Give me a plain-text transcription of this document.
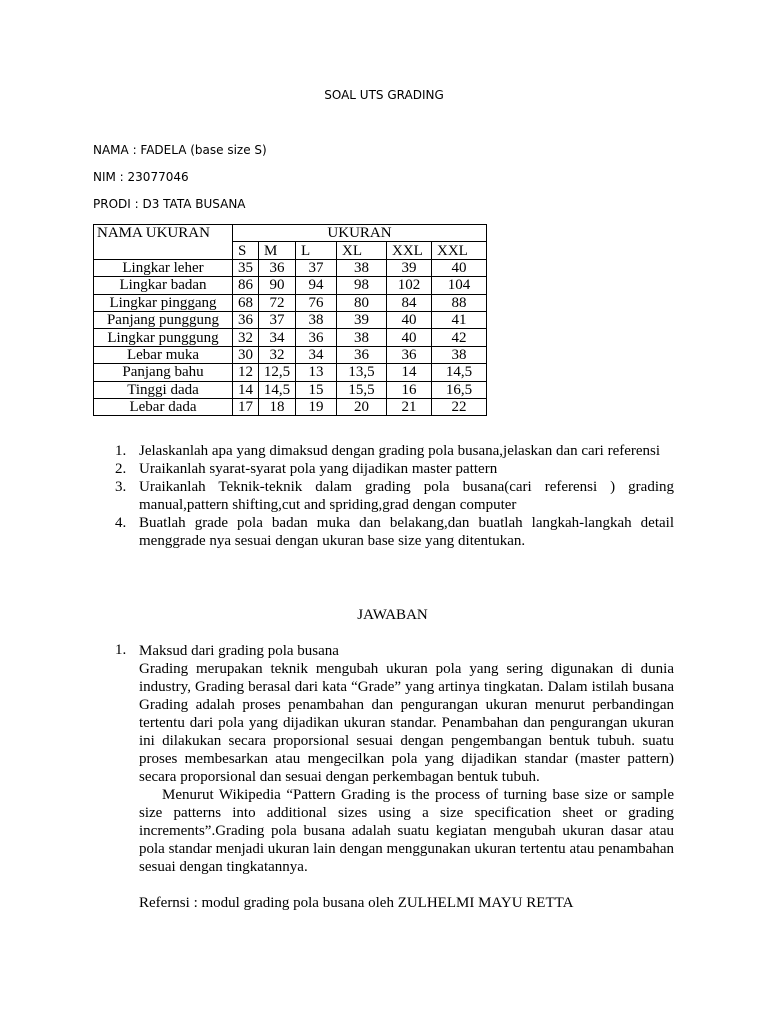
SOAL UTS GRADING
NAMA : FADELA (base size S)
NIM : 23077046
PRODI : D3 TATA BUSANA
NAMA UKURAN	UKURAN					
	S	M	L	XL	XXL	XXL
Lingkar leher	35	36	37	38	39	40
Lingkar badan	86	90	94	98	102	104
Lingkar pinggang	68	72	76	80	84	88
Panjang punggung	36	37	38	39	40	41
Lingkar punggung	32	34	36	38	40	42
Lebar muka	30	32	34	36	36	38
Panjang bahu	12	12,5	13	13,5	14	14,5
Tinggi dada	14	14,5	15	15,5	16	16,5
Lebar dada	17	18	19	20	21	22
1. Jelaskanlah apa yang dimaksud dengan grading pola busana,jelaskan dan cari referensi
2. Uraikanlah syarat-syarat pola yang dijadikan master pattern
3. Uraikanlah Teknik-teknik dalam grading pola busana(cari referensi ) grading manual,pattern shifting,cut and spriding,grad dengan computer
4. Buatlah grade pola badan muka dan belakang,dan buatlah langkah-langkah detail menggrade nya sesuai dengan ukuran base size yang ditentukan.
JAWABAN
1. Maksud dari grading pola busana

Grading merupakan teknik mengubah ukuran pola yang sering digunakan di dunia industry, Grading berasal dari kata “Grade” yang artinya tingkatan. Dalam istilah busana Grading adalah proses penambahan dan pengurangan ukuran menurut perbandingan tertentu dari pola yang dijadikan ukuran standar. Penambahan dan pengurangan ukuran ini dilakukan secara proporsional sesuai dengan pengembangan bentuk tubuh. suatu proses membesarkan atau mengecilkan pola yang dijadikan standar (master pattern) secara proporsional dan sesuai dengan perkembagan bentuk tubuh.

Menurut Wikipedia “Pattern Grading is the process of turning base size or sample size patterns into additional sizes using a size specification sheet or grading increments”.Grading pola busana adalah suatu kegiatan mengubah ukuran dasar atau pola standar menjadi ukuran lain dengan menggunakan ukuran tertentu atau penambahan sesuai dengan tingkatannya.

Refernsi : modul grading pola busana oleh ZULHELMI MAYU RETTA
